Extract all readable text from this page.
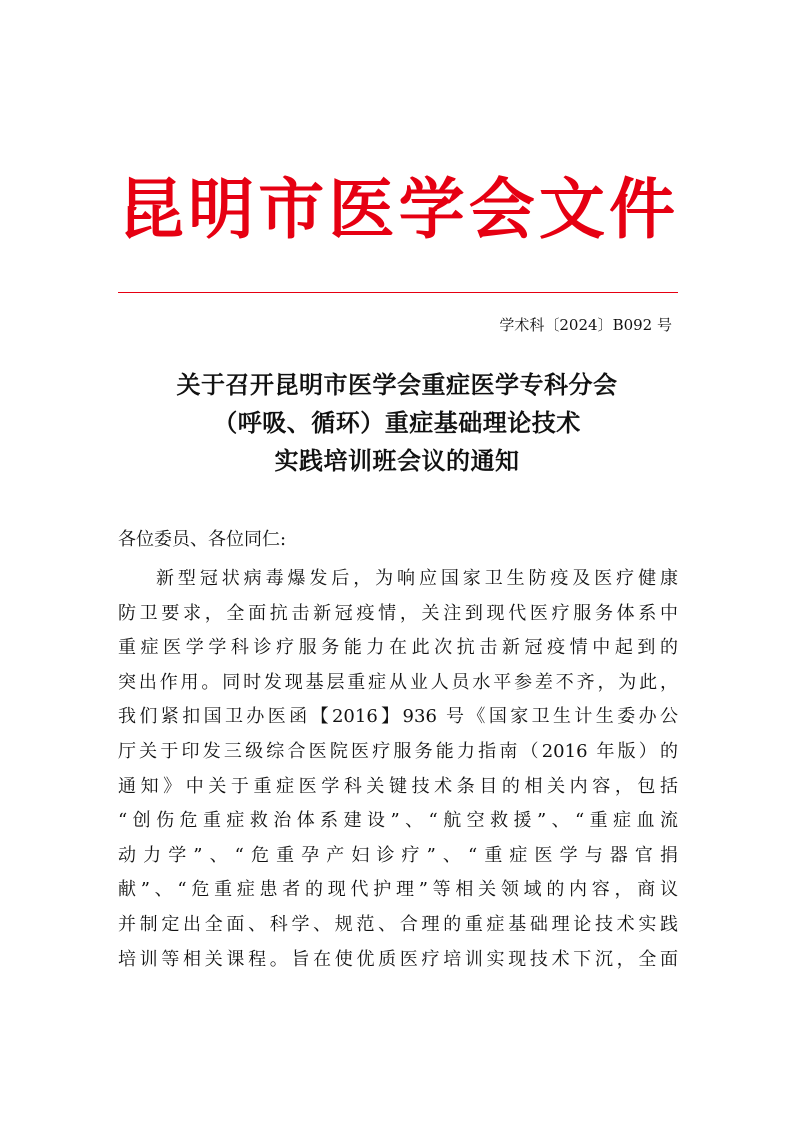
昆明市医学会文件
学术科〔2024〕B092 号
关于召开昆明市医学会重症医学专科分会
（呼吸、循环）重症基础理论技术
实践培训班会议的通知
各位委员、各位同仁:
新型冠状病毒爆发后，为响应国家卫生防疫及医疗健康
防卫要求，全面抗击新冠疫情，关注到现代医疗服务体系中
重症医学学科诊疗服务能力在此次抗击新冠疫情中起到的
突出作用。同时发现基层重症从业人员水平参差不齐，为此，
我们紧扣国卫办医函【2016】936 号《国家卫生计生委办公
厅关于印发三级综合医院医疗服务能力指南（2016 年版）的
通知》中关于重症医学科关键技术条目的相关内容，包括
“创伤危重症救治体系建设”、“航空救援”、“重症血流
动力学”、“危重孕产妇诊疗”、“重症医学与器官捐
献”、“危重症患者的现代护理”等相关领域的内容，商议
并制定出全面、科学、规范、合理的重症基础理论技术实践
培训等相关课程。旨在使优质医疗培训实现技术下沉，全面
